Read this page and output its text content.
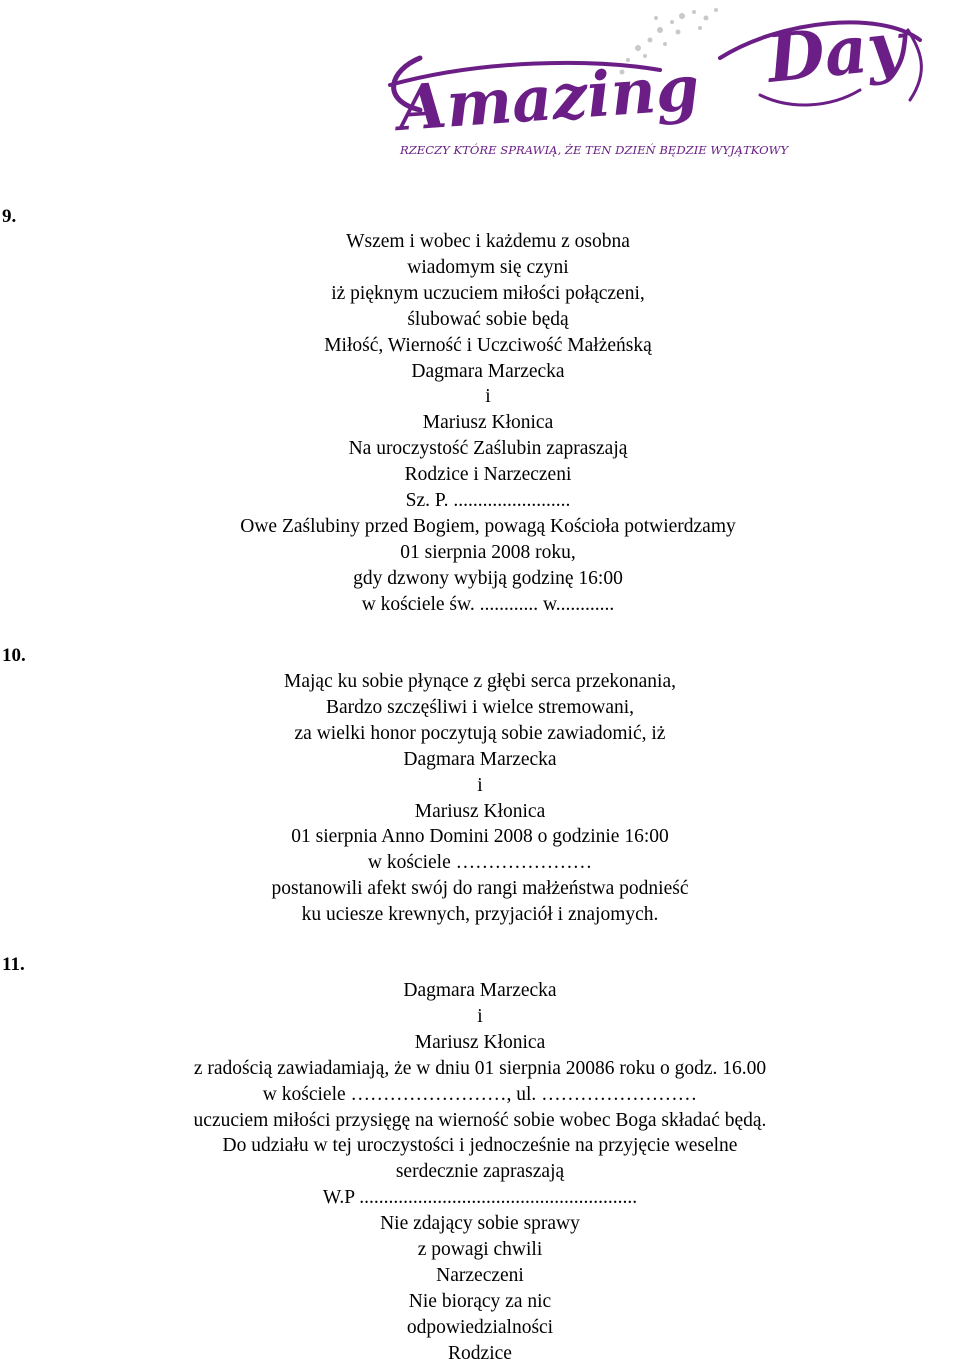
Amazing Day
RZECZY KTÓRE SPRAWIĄ, ŻE TEN DZIEŃ BĘDZIE WYJĄTKOWY
9.
10.
11.
Wszem i wobec i każdemu z osobna
wiadomym się czyni
iż pięknym uczuciem miłości połączeni,
ślubować sobie będą
Miłość, Wierność i Uczciwość Małżeńską
Dagmara Marzecka
i
Mariusz Kłonica
Na uroczystość Zaślubin zapraszają
Rodzice i Narzeczeni
Sz. P. ........................
Owe Zaślubiny przed Bogiem, powagą Kościoła potwierdzamy
01 sierpnia 2008 roku,
gdy dzwony wybiją godzinę 16:00
w kościele św. ............ w............
Mając ku sobie płynące z głębi serca przekonania,
Bardzo szczęśliwi i wielce stremowani,
za wielki honor poczytują sobie zawiadomić, iż
Dagmara Marzecka
i
Mariusz Kłonica
01 sierpnia Anno Domini 2008 o godzinie 16:00
w kościele …………………
postanowili afekt swój do rangi małżeństwa podnieść
ku uciesze krewnych, przyjaciół i znajomych.
Dagmara Marzecka
i
Mariusz Kłonica
z radością zawiadamiają, że w dniu 01 sierpnia 20086 roku o godz. 16.00
w kościele ……………………, ul. ……………………
uczuciem miłości przysięgę na wierność sobie wobec Boga składać będą.
Do udziału w tej uroczystości i jednocześnie na przyjęcie weselne
serdecznie zapraszają
W.P .........................................................
Nie zdający sobie sprawy
z powagi chwili
Narzeczeni
Nie biorący za nic
odpowiedzialności
Rodzice
